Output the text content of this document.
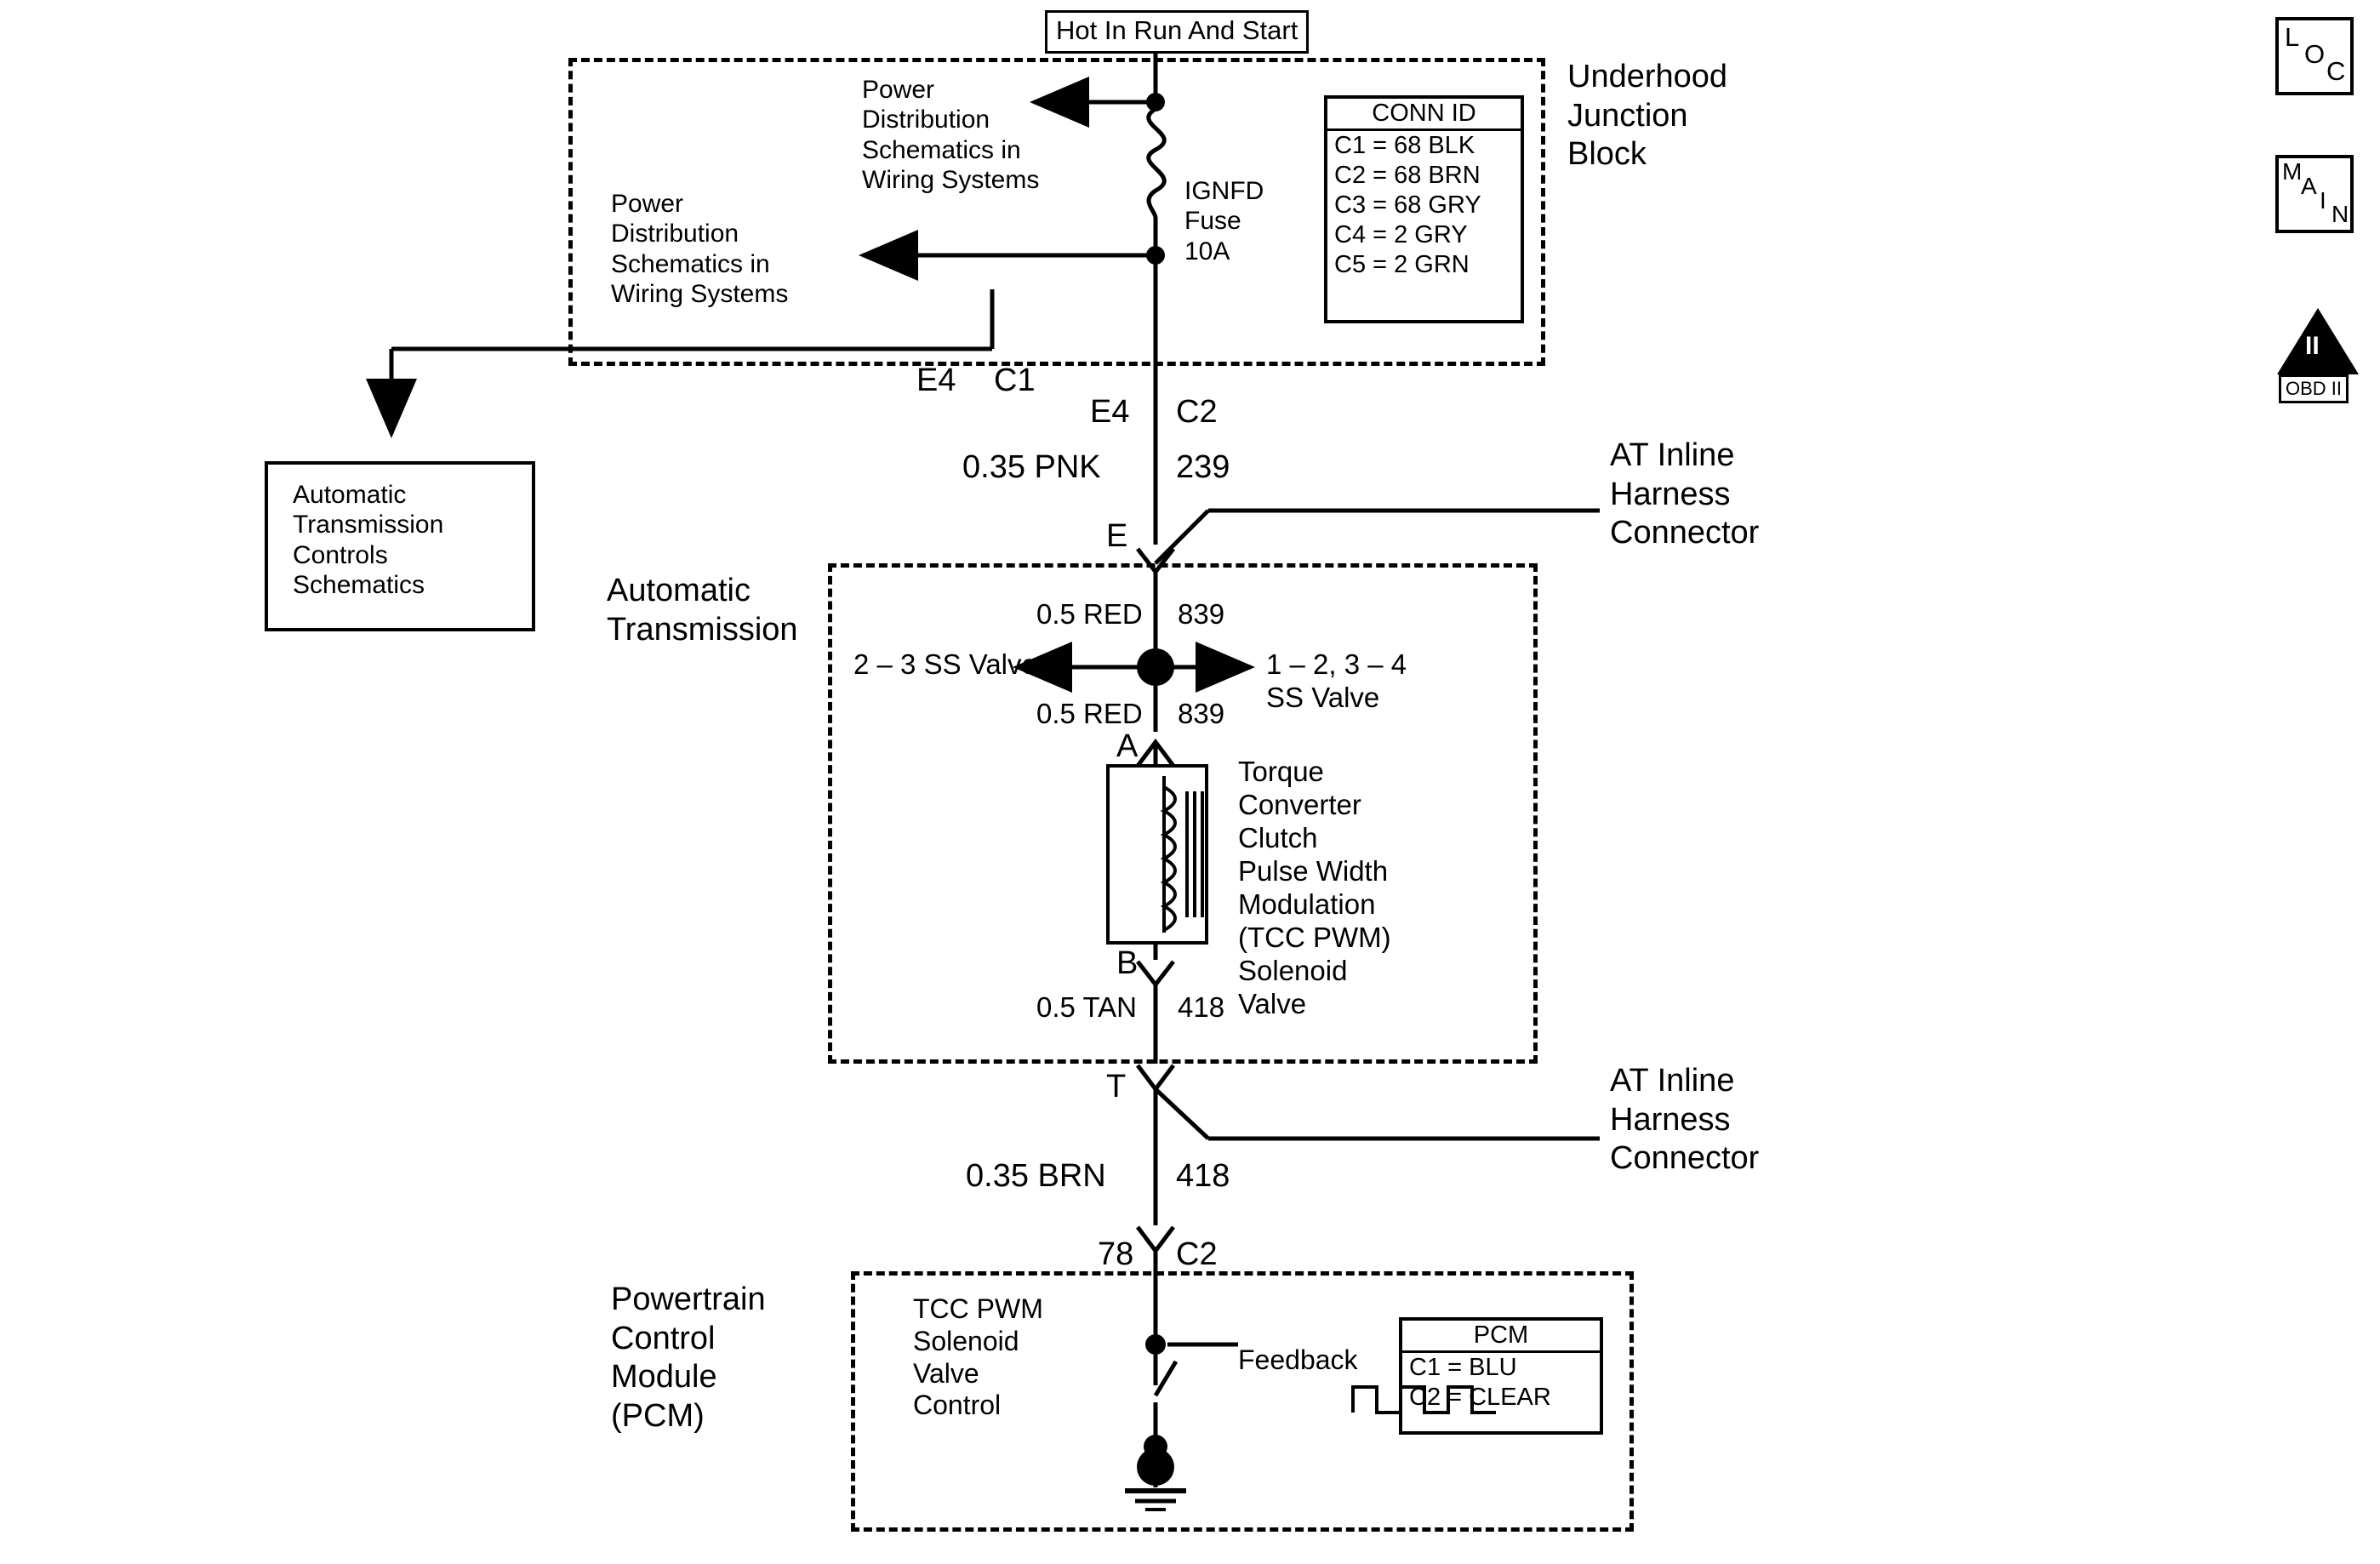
Hot In Run And Start
Underhood
Junction
Block
Power
Distribution
Schematics in
Wiring Systems
Power
Distribution
Schematics in
Wiring Systems
IGNFD
Fuse
10A
CONN ID
C1 = 68 BLK
C2 = 68 BRN
C3 = 68 GRY
C4 = 2 GRY
C5 = 2 GRN
Automatic
Transmission
Controls
Schematics
E4 C1
E4 C2
0.35 PNK 239
E
AT Inline
Harness
Connector
Automatic
Transmission	0.5 RED 839
2 – 3 SS Valve	1 – 2, 3 – 4
SS Valve
0.5 RED 839
A
Torque
Converter
Clutch
Pulse Width
Modulation
(TCC PWM)
Solenoid
Valve
B
0.5 TAN 418
T	AT Inline
Harness
Connector
0.35 BRN 418
78 C2
Powertrain
Control
Module
(PCM)
TCC PWM
Solenoid
Valve
Control
Feedback
PCM
C1 = BLU
C2 = CLEAR
L
O
C
M
A
I
N
II
OBD II
